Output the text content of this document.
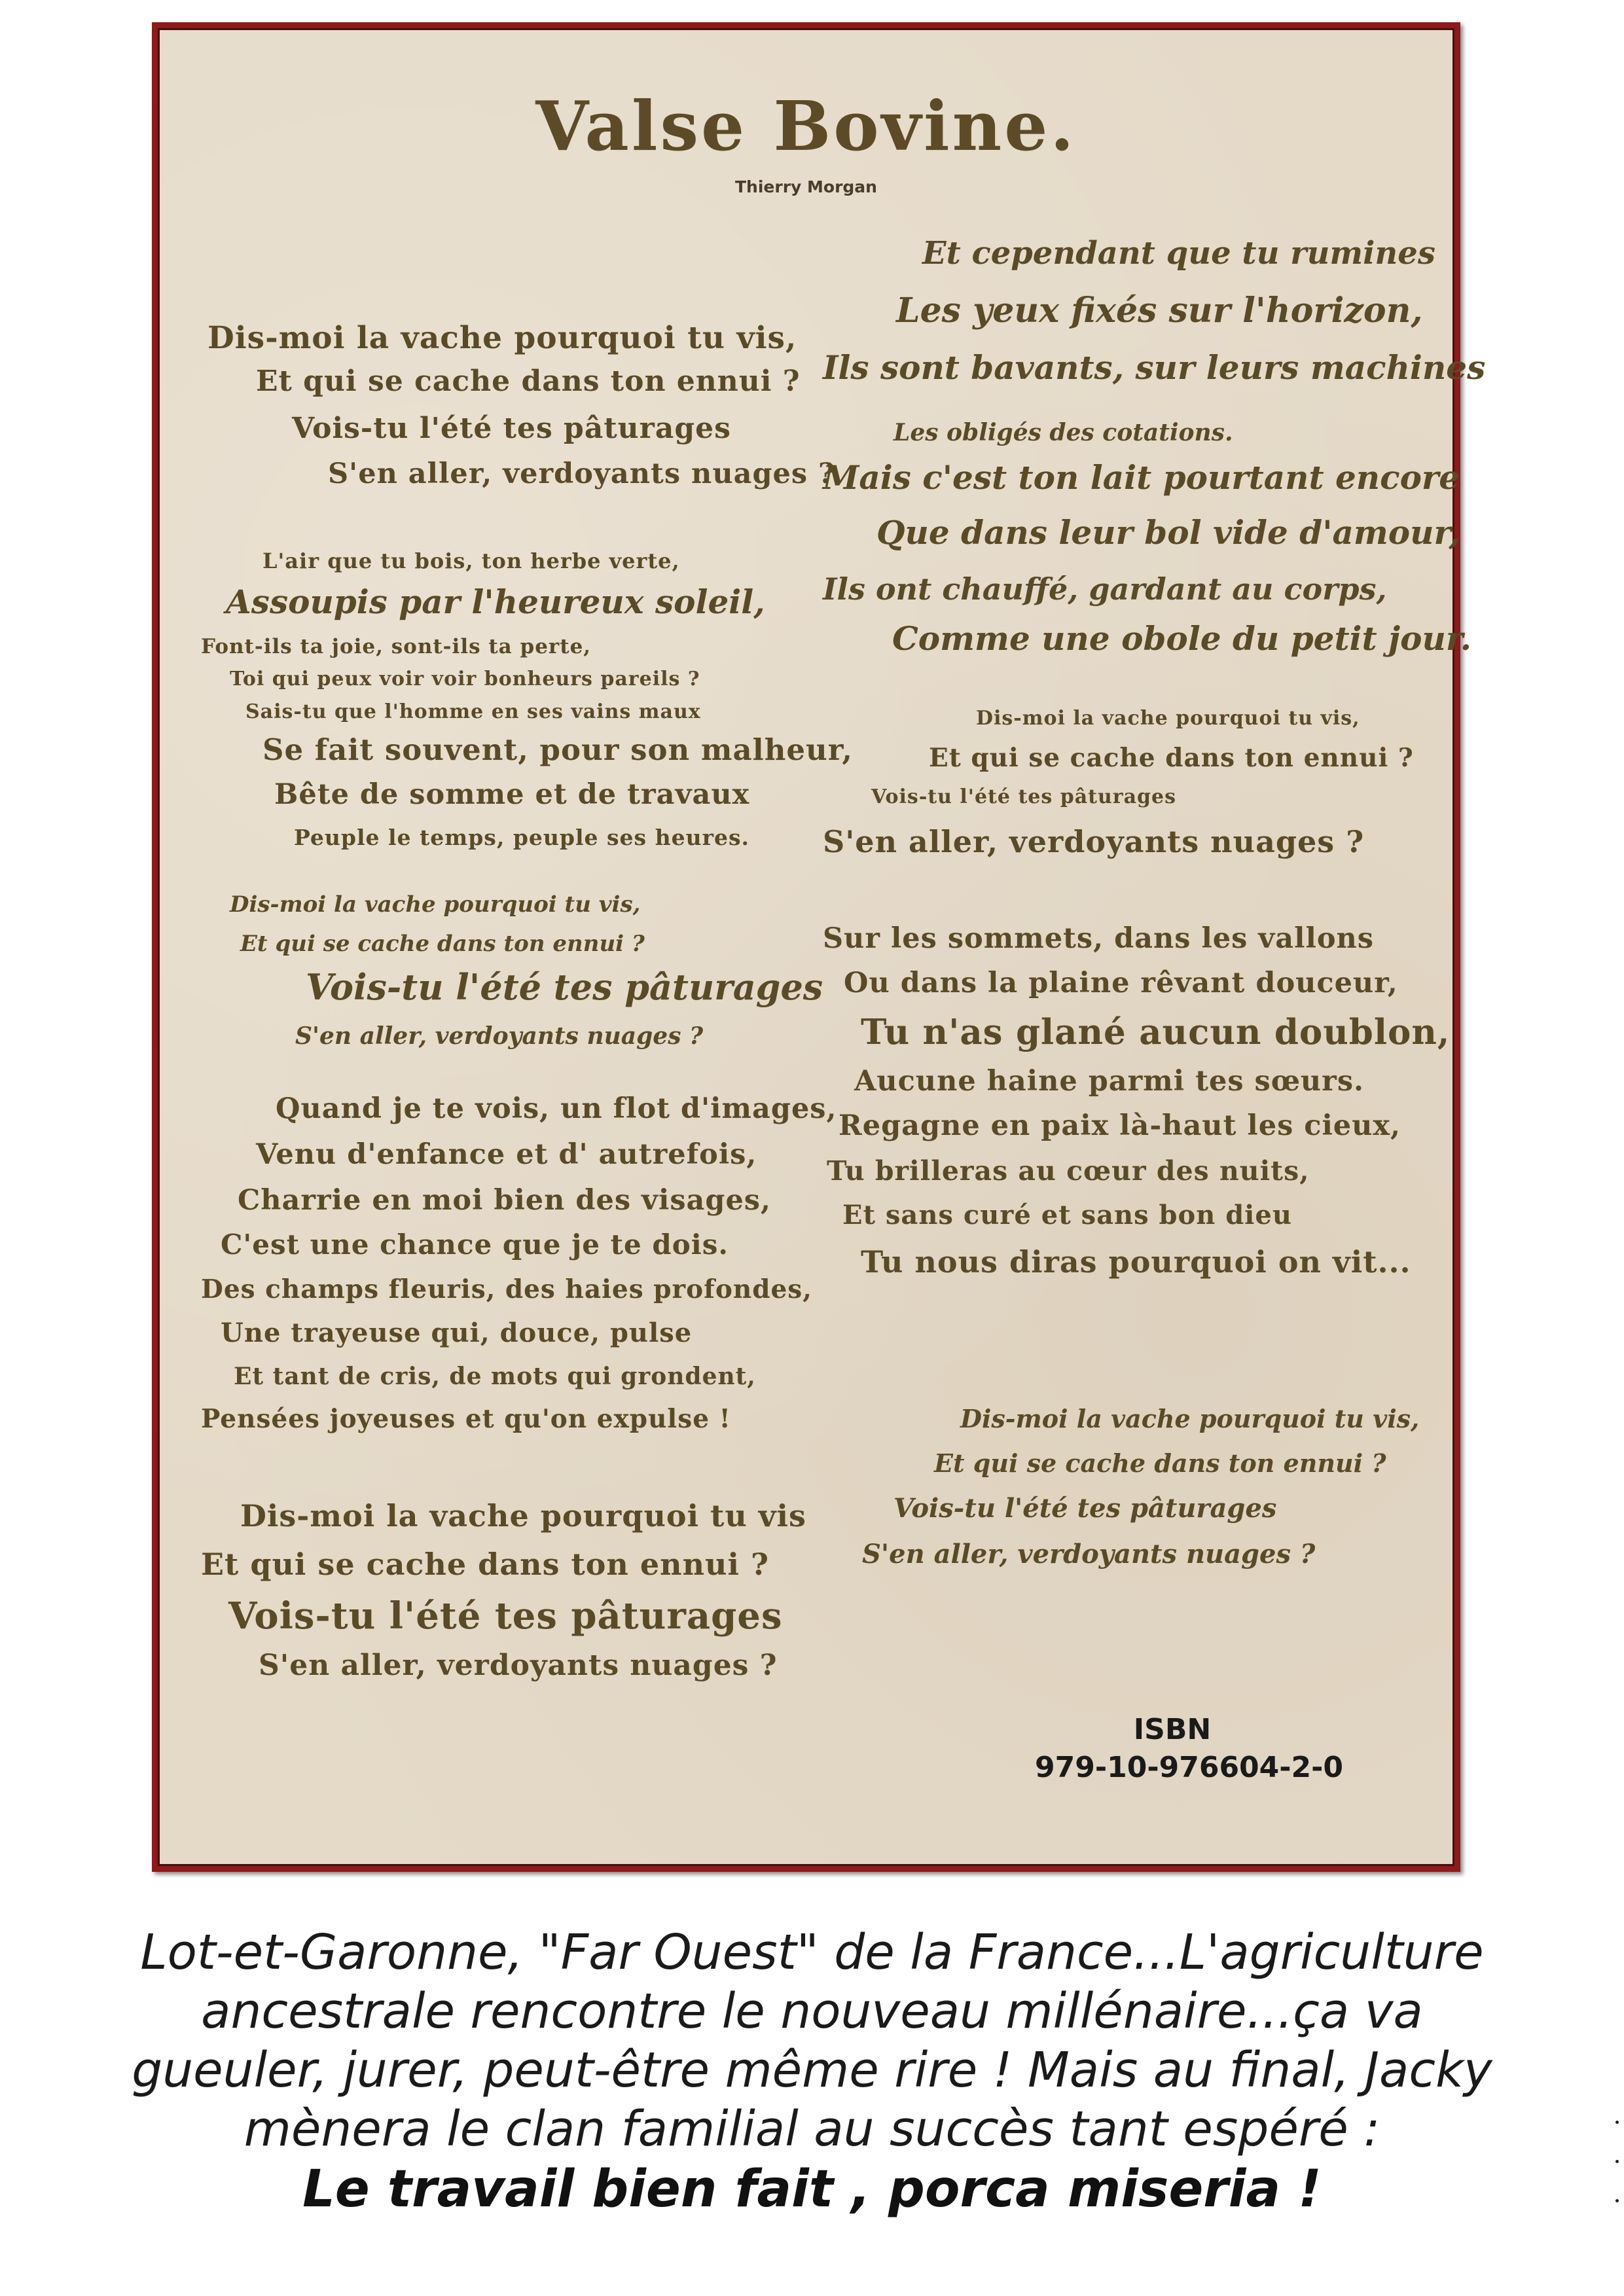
Valse Bovine.
Thierry Morgan
Dis-moi la vache pourquoi tu vis,
Et qui se cache dans ton ennui ?
Vois-tu l'été tes pâturages
S'en aller, verdoyants nuages ?
L'air que tu bois, ton herbe verte,
Assoupis par l'heureux soleil,
Font-ils ta joie, sont-ils ta perte,
Toi qui peux voir voir bonheurs pareils ?
Sais-tu que l'homme en ses vains maux
Se fait souvent, pour son malheur,
Bête de somme et de travaux
Peuple le temps, peuple ses heures.
Dis-moi la vache pourquoi tu vis,
Et qui se cache dans ton ennui ?
Vois-tu l'été tes pâturages
S'en aller, verdoyants nuages ?
Quand je te vois, un flot d'images,
Venu d'enfance et d' autrefois,
Charrie en moi bien des visages,
C'est une chance que je te dois.
Des champs fleuris, des haies profondes,
Une trayeuse qui, douce, pulse
Et tant de cris, de mots qui grondent,
Pensées joyeuses et qu'on expulse !
Dis-moi la vache pourquoi tu vis
Et qui se cache dans ton ennui ?
Vois-tu l'été tes pâturages
S'en aller, verdoyants nuages ?
Et cependant que tu rumines
Les yeux fixés sur l'horizon,
Ils sont bavants, sur leurs machines
Les obligés des cotations.
Mais c'est ton lait pourtant encore
Que dans leur bol vide d'amour,
Ils ont chauffé, gardant au corps,
Comme une obole du petit jour.
Dis-moi la vache pourquoi tu vis,
Et qui se cache dans ton ennui ?
Vois-tu l'été tes pâturages
S'en aller, verdoyants nuages ?
Sur les sommets, dans les vallons
Ou dans la plaine rêvant douceur,
Tu n'as glané aucun doublon,
Aucune haine parmi tes sœurs.
Regagne en paix là-haut les cieux,
Tu brilleras au cœur des nuits,
Et sans curé et sans bon dieu
Tu nous diras pourquoi on vit...
Dis-moi la vache pourquoi tu vis,
Et qui se cache dans ton ennui ?
Vois-tu l'été tes pâturages
S'en aller, verdoyants nuages ?
ISBN
979-10-976604-2-0
Lot-et-Garonne, "Far Ouest" de la France...L'agriculture
ancestrale rencontre le nouveau millénaire...ça va
gueuler, jurer, peut-être même rire ! Mais au final, Jacky
mènera le clan familial au succès tant espéré :
Le travail bien fait , porca miseria !
